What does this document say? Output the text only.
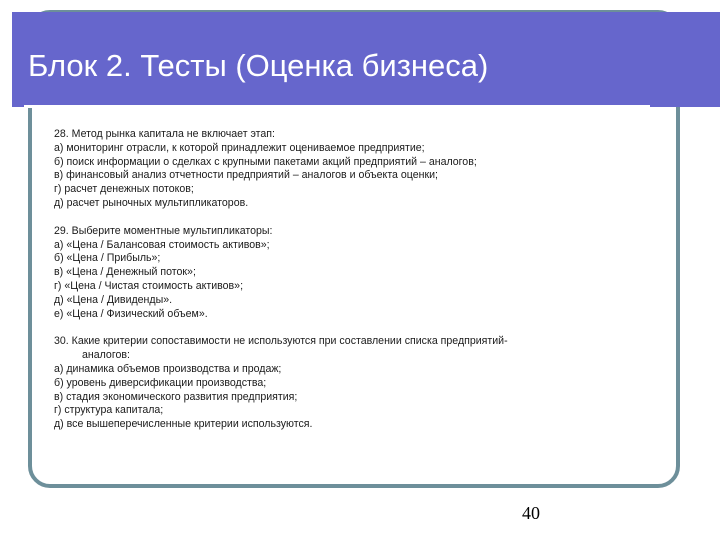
Блок 2. Тесты (Оценка бизнеса)
28. Метод рынка капитала не включает этап:
а) мониторинг отрасли, к которой принадлежит оцениваемое предприятие;
б) поиск информации о сделках с крупными пакетами акций предприятий – аналогов;
в) финансовый анализ отчетности предприятий – аналогов и объекта оценки;
г) расчет денежных потоков;
д) расчет рыночных мультипликаторов.
29. Выберите моментные мультипликаторы:
а) «Цена / Балансовая стоимость активов»;
б) «Цена / Прибыль»;
в) «Цена / Денежный поток»;
г) «Цена / Чистая стоимость активов»;
д) «Цена / Дивиденды».
е) «Цена / Физический объем».
30. Какие критерии сопоставимости не используются при составлении списка предприятий-
аналогов:
а) динамика объемов производства и продаж;
б) уровень диверсификации производства;
в) стадия экономического развития предприятия;
г) структура капитала;
д) все вышеперечисленные критерии используются.
40
